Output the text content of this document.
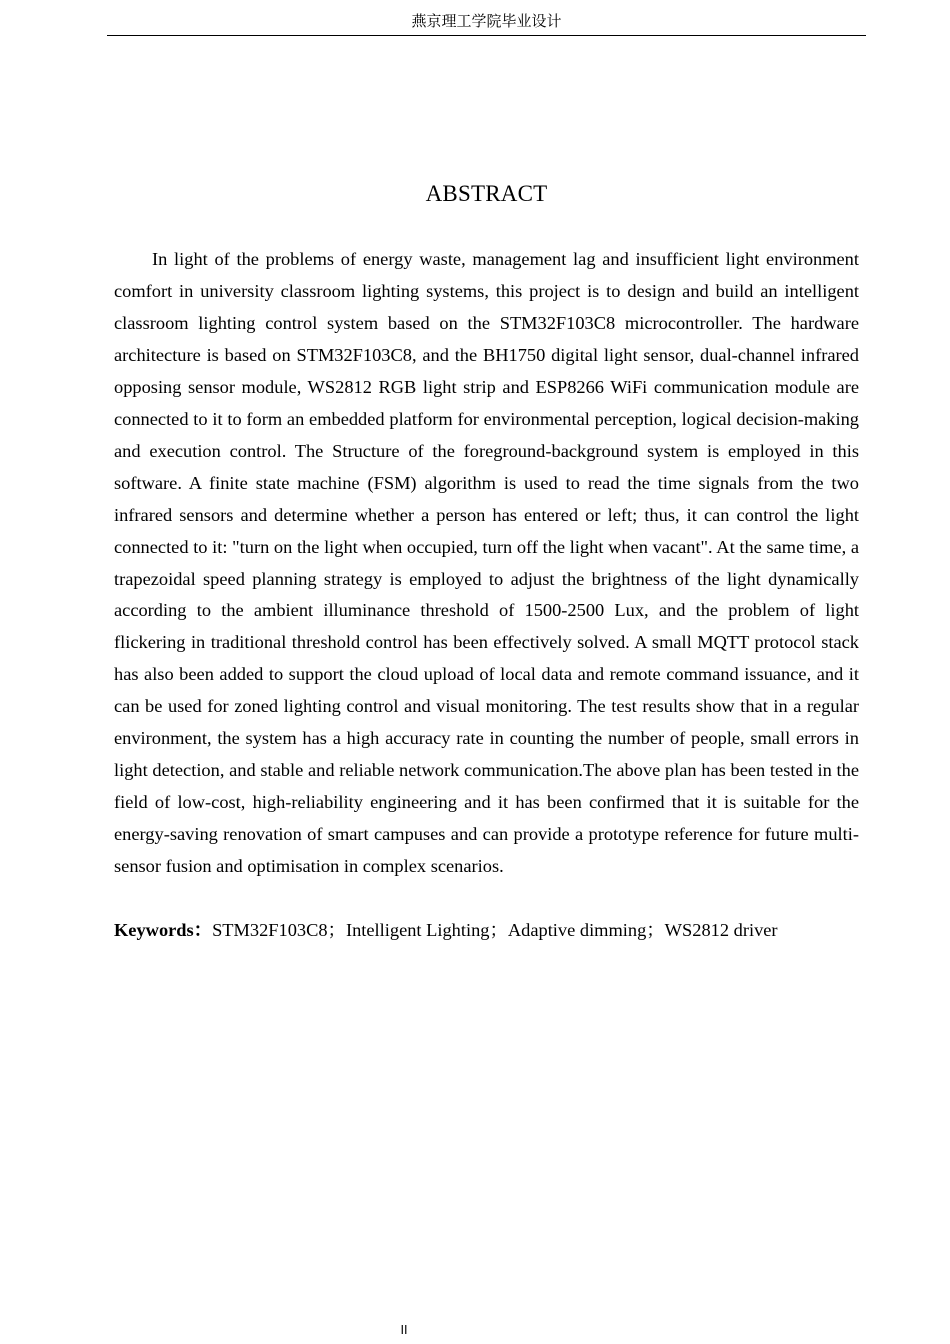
燕京理工学院毕业设计
ABSTRACT

In light of the problems of energy waste, management lag and insufficient light environment comfort in university classroom lighting systems, this project is to design and build an intelligent classroom lighting control system based on the STM32F103C8 microcontroller. The hardware architecture is based on STM32F103C8, and the BH1750 digital light sensor, dual-channel infrared opposing sensor module, WS2812 RGB light strip and ESP8266 WiFi communication module are connected to it to form an embedded platform for environmental perception, logical decision-making and execution control. The Structure of the foreground-background system is employed in this software. A finite state machine (FSM) algorithm is used to read the time signals from the two infrared sensors and determine whether a person has entered or left; thus, it can control the light connected to it: "turn on the light when occupied, turn off the light when vacant". At the same time, a trapezoidal speed planning strategy is employed to adjust the brightness of the light dynamically according to the ambient illuminance threshold of 1500-2500 Lux, and the problem of light flickering in traditional threshold control has been effectively solved. A small MQTT protocol stack has also been added to support the cloud upload of local data and remote command issuance, and it can be used for zoned lighting control and visual monitoring. The test results show that in a regular environment, the system has a high accuracy rate in counting the number of people, small errors in light detection, and stable and reliable network communication.The above plan has been tested in the field of low-cost, high-reliability engineering and it has been confirmed that it is suitable for the energy-saving renovation of smart campuses and can provide a prototype reference for future multi-sensor fusion and optimisation in complex scenarios.

Keywords：STM32F103C8；Intelligent Lighting；Adaptive dimming；WS2812 driver

II
